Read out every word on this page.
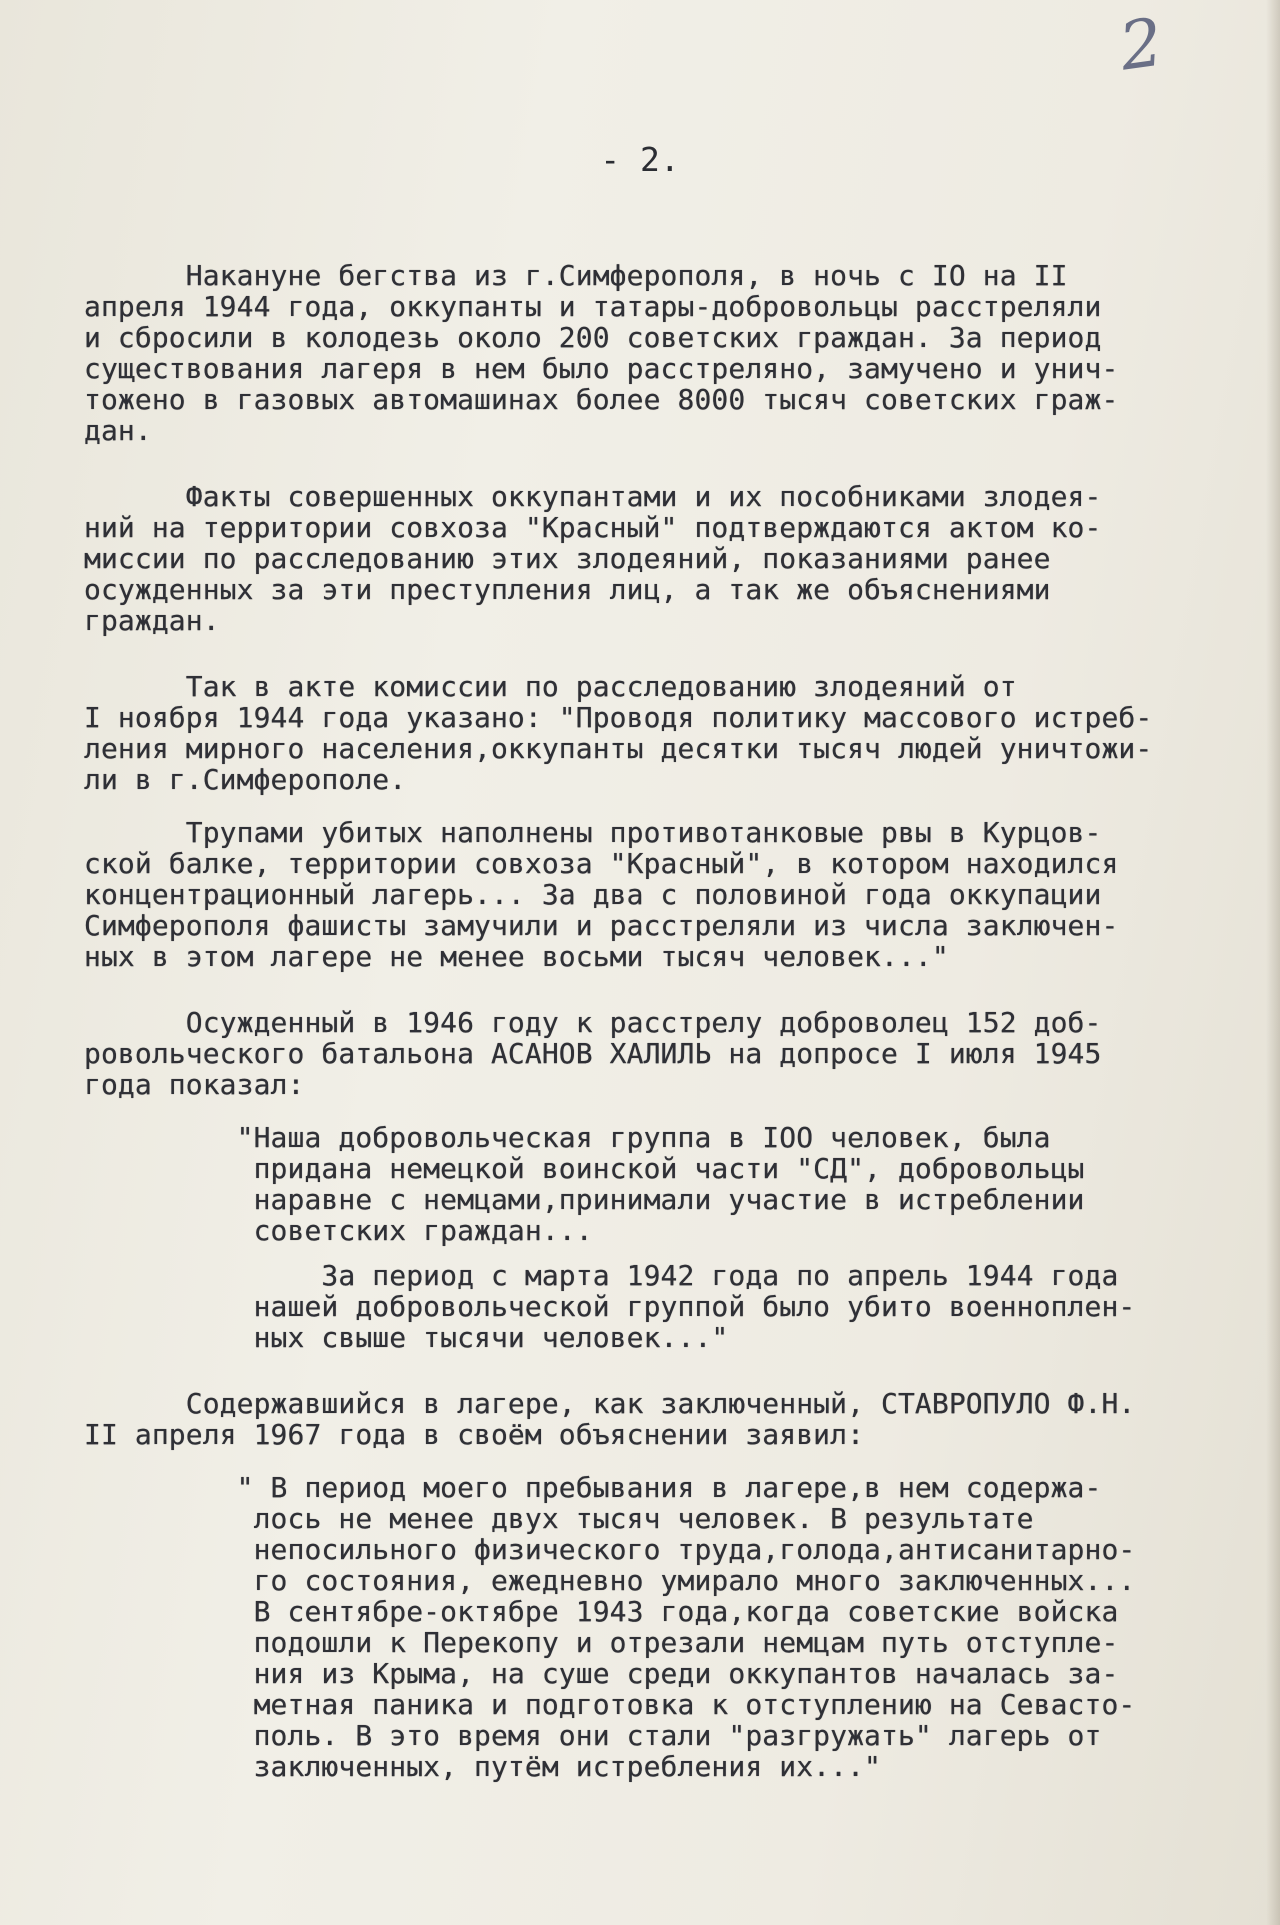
2
- 2.

Накануне бегства из г.Симферополя, в ночь с IO на II
апреля 1944 года, оккупанты и татары-добровольцы расстреляли
и сбросили в колодезь около 200 советских граждан. За период
существования лагеря в нем было расстреляно, замучено и унич-
тожено в газовых автомашинах более 8000 тысяч советских граж-
дан.

Факты совершенных оккупантами и их пособниками злодея-
ний на территории совхоза "Красный" подтверждаются актом ко-
миссии по расследованию этих злодеяний, показаниями ранее
осужденных за эти преступления лиц, а так же объяснениями
граждан.

Так в акте комиссии по расследованию злодеяний от
I ноября 1944 года указано: "Проводя политику массового истреб-
ления мирного населения,оккупанты десятки тысяч людей уничтожи-
ли в г.Симферополе.

Трупами убитых наполнены противотанковые рвы в Курцов-
ской балке, территории совхоза "Красный", в котором находился
концентрационный лагерь... За два с половиной года оккупации
Симферополя фашисты замучили и расстреляли из числа заключен-
ных в этом лагере не менее восьми тысяч человек..."

Осужденный в 1946 году к расстрелу доброволец 152 доб-
ровольческого батальона АСАНОВ ХАЛИЛЬ на допросе I июля 1945
года показал:

"Наша добровольческая группа в IOO человек, была
придана немецкой воинской части "СД", добровольцы
наравне с немцами,принимали участие в истреблении
советских граждан...

За период с марта 1942 года по апрель 1944 года
нашей добровольческой группой было убито военноплен-
ных свыше тысячи человек..."

Содержавшийся в лагере, как заключенный, СТАВРОПУЛО Ф.Н.
II апреля 1967 года в своём объяснении заявил:

" В период моего пребывания в лагере,в нем содержа-
лось не менее двух тысяч человек. В результате
непосильного физического труда,голода,антисанитарно-
го состояния, ежедневно умирало много заключенных...
В сентябре-октябре 1943 года,когда советские войска
подошли к Перекопу и отрезали немцам путь отступле-
ния из Крыма, на суше среди оккупантов началась за-
метная паника и подготовка к отступлению на Севасто-
поль. В это время они стали "разгружать" лагерь от
заключенных, путём истребления их..."
